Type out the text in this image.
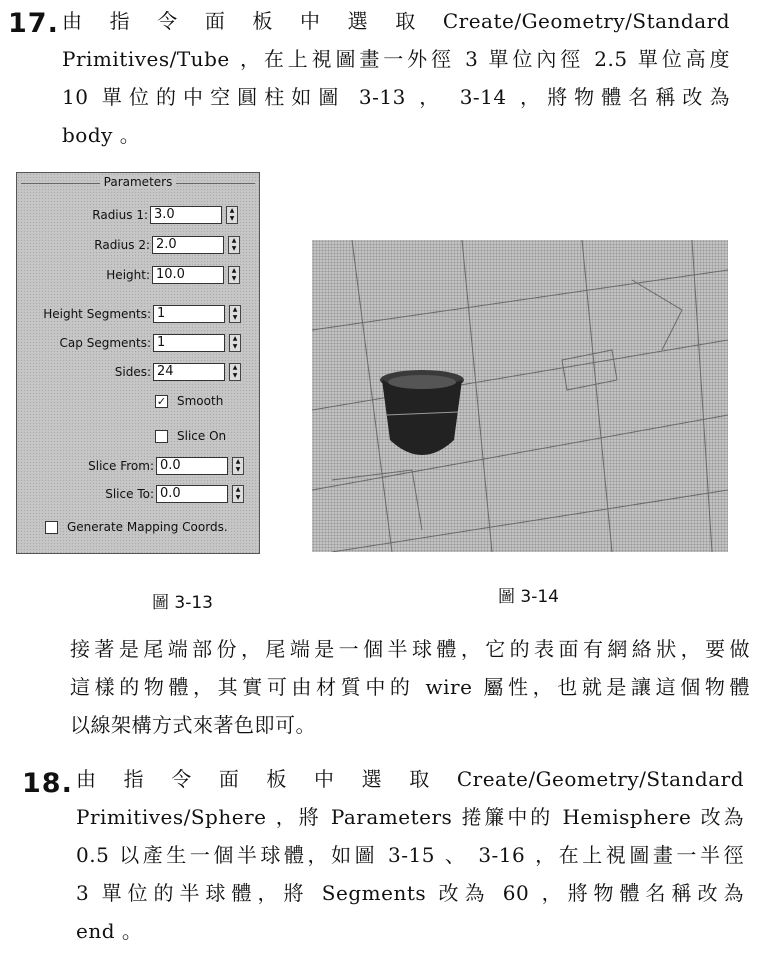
17. 由 指 令 面 板 中 選 取 Create/Geometry/Standard
Primitives/Tube ，在上視圖畫一外徑 3 單位內徑 2.5 單位高度
10 單位的中空圓柱如圖 3-13 ， 3-14 ，將物體名稱改為
body 。
Parameters
Radius 1: 3.0	▲
▼
Radius 2: 2.0	▲
▼
Height: 10.0	▲
▼
Height Segments: 1	▲
▼
Cap Segments: 1	▲
▼
Sides: 24	▲
▼
✓ Smooth
Slice On
Slice From: 0.0	▲
▼
Slice To: 0.0	▲
▼
Generate Mapping Coords.
圖 3-13	圖 3-14
接著是尾端部份，尾端是一個半球體，它的表面有網絡狀，要做
這樣的物體，其實可由材質中的 wire 屬性，也就是讓這個物體
以線架構方式來著色即可。
18. 由 指 令 面 板 中 選 取 Create/Geometry/Standard
Primitives/Sphere ，將 Parameters 捲簾中的 Hemisphere 改為
0.5 以產生一個半球體，如圖 3-15 、 3-16 ，在上視圖畫一半徑
3 單位的半球體，將 Segments 改為 60 ，將物體名稱改為
end 。
